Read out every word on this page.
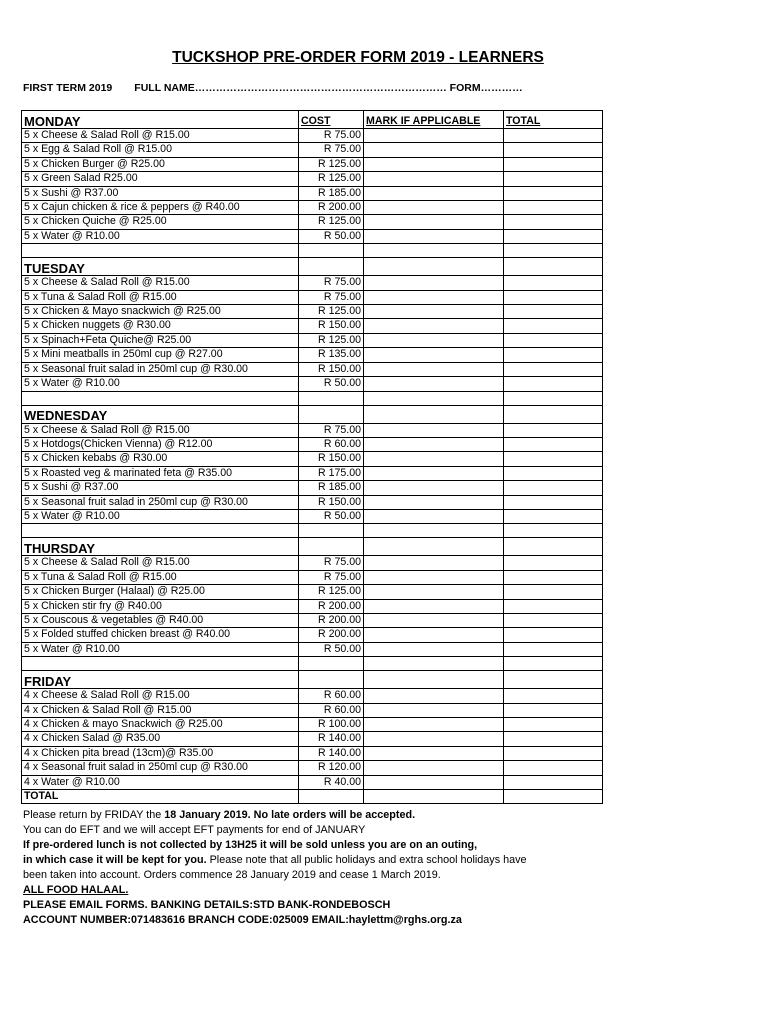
TUCKSHOP PRE-ORDER FORM 2019 - LEARNERS
FIRST TERM 2019 FULL NAME……………………………………………………………… FORM…………
MONDAY	COST	MARK IF APPLICABLE	TOTAL
5 x Cheese & Salad Roll @ R15.00	R 75.00		
5 x Egg & Salad Roll @ R15.00	R 75.00		
5 x Chicken Burger @ R25.00	R 125.00		
5 x Green Salad R25.00	R 125.00		
5 x Sushi @ R37.00	R 185.00		
5 x Cajun chicken & rice & peppers @ R40.00	R 200.00		
5 x Chicken Quiche @ R25.00	R 125.00		
5 x Water @ R10.00	R 50.00		

TUESDAY			
5 x Cheese & Salad Roll @ R15.00	R 75.00		
5 x Tuna & Salad Roll @ R15.00	R 75.00		
5 x Chicken & Mayo snackwich @ R25.00	R 125.00		
5 x Chicken nuggets @ R30.00	R 150.00		
5 x Spinach+Feta Quiche@ R25.00	R 125.00		
5 x Mini meatballs in 250ml cup @ R27.00	R 135.00		
5 x Seasonal fruit salad in 250ml cup @ R30.00	R 150.00		
5 x Water @ R10.00	R 50.00		

WEDNESDAY			
5 x Cheese & Salad Roll @ R15.00	R 75.00		
5 x Hotdogs(Chicken Vienna) @ R12.00	R 60.00		
5 x Chicken kebabs @ R30.00	R 150.00		
5 x Roasted veg & marinated feta @ R35.00	R 175.00		
5 x Sushi @ R37.00	R 185.00		
5 x Seasonal fruit salad in 250ml cup @ R30.00	R 150.00		
5 x Water @ R10.00	R 50.00		

THURSDAY			
5 x Cheese & Salad Roll @ R15.00	R 75.00		
5 x Tuna & Salad Roll @ R15.00	R 75.00		
5 x Chicken Burger (Halaal) @ R25.00	R 125.00		
5 x Chicken stir fry @ R40.00	R 200.00		
5 x Couscous & vegetables @ R40.00	R 200.00		
5 x Folded stuffed chicken breast @ R40.00	R 200.00		
5 x Water @ R10.00	R 50.00		

FRIDAY			
4 x Cheese & Salad Roll @ R15.00	R 60.00		
4 x Chicken & Salad Roll @ R15.00	R 60.00		
4 x Chicken & mayo Snackwich @ R25.00	R 100.00		
4 x Chicken Salad @ R35.00	R 140.00		
4 x Chicken pita bread (13cm)@ R35.00	R 140.00		
4 x Seasonal fruit salad in 250ml cup @ R30.00	R 120.00		
4 x Water @ R10.00	R 40.00		
TOTAL			
Please return by FRIDAY the 18 January 2019. No late orders will be accepted.
You can do EFT and we will accept EFT payments for end of JANUARY
If pre-ordered lunch is not collected by 13H25 it will be sold unless you are on an outing,
in which case it will be kept for you. Please note that all public holidays and extra school holidays have
been taken into account. Orders commence 28 January 2019 and cease 1 March 2019.
ALL FOOD HALAAL.
PLEASE EMAIL FORMS. BANKING DETAILS:STD BANK-RONDEBOSCH
ACCOUNT NUMBER:071483616 BRANCH CODE:025009 EMAIL:haylettm@rghs.org.za
